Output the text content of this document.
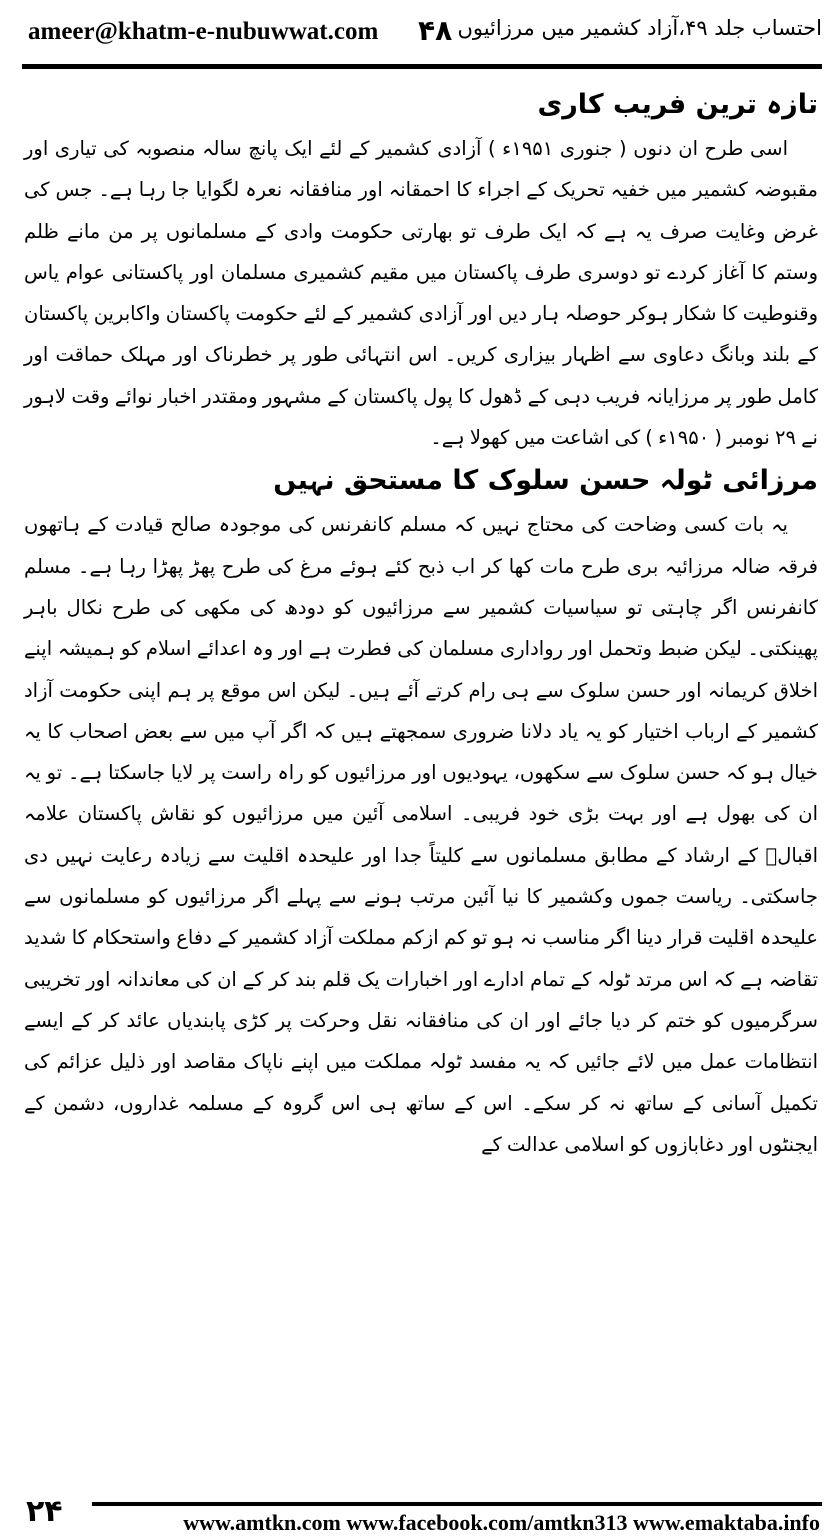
ameer@khatm-e-nubuwwat.com ۴۸ احتساب جلد ۴۹،آزاد کشمیر میں مرزائیوں
تازہ ترین فریب کاری

اسی طرح ان دنوں ( جنوری ۱۹۵۱ء ) آزادی کشمیر کے لئے ایک پانچ سالہ منصوبہ کی تیاری اور مقبوضہ کشمیر میں خفیہ تحریک کے اجراء کا احمقانہ اور منافقانہ نعرہ لگوایا جا رہا ہے۔ جس کی غرض وغایت صرف یہ ہے کہ ایک طرف تو بھارتی حکومت وادی کے مسلمانوں پر من مانے ظلم وستم کا آغاز کردے تو دوسری طرف پاکستان میں مقیم کشمیری مسلمان اور پاکستانی عوام یاس وقنوطیت کا شکار ہوکر حوصلہ ہار دیں اور آزادی کشمیر کے لئے حکومت پاکستان واکابرین پاکستان کے بلند وبانگ دعاوی سے اظہار بیزاری کریں۔ اس انتہائی طور پر خطرناک اور مہلک حماقت اور کامل طور پر مرزایانہ فریب دہی کے ڈھول کا پول پاکستان کے مشہور ومقتدر اخبار نوائے وقت لاہور نے ۲۹ نومبر ( ۱۹۵۰ء ) کی اشاعت میں کھولا ہے۔

مرزائی ٹولہ حسن سلوک کا مستحق نہیں

یہ بات کسی وضاحت کی محتاج نہیں کہ مسلم کانفرنس کی موجودہ صالح قیادت کے ہاتھوں فرقہ ضالہ مرزائیہ بری طرح مات کھا کر اب ذبح کئے ہوئے مرغ کی طرح پھڑ پھڑا رہا ہے۔ مسلم کانفرنس اگر چاہتی تو سیاسیات کشمیر سے مرزائیوں کو دودھ کی مکھی کی طرح نکال باہر پھینکتی۔ لیکن ضبط وتحمل اور رواداری مسلمان کی فطرت ہے اور وہ اعدائے اسلام کو ہمیشہ اپنے اخلاق کریمانہ اور حسن سلوک سے ہی رام کرتے آئے ہیں۔ لیکن اس موقع پر ہم اپنی حکومت آزاد کشمیر کے ارباب اختیار کو یہ یاد دلانا ضروری سمجھتے ہیں کہ اگر آپ میں سے بعض اصحاب کا یہ خیال ہو کہ حسن سلوک سے سکھوں، یہودیوں اور مرزائیوں کو راہ راست پر لایا جاسکتا ہے۔ تو یہ ان کی بھول ہے اور بہت بڑی خود فریبی۔ اسلامی آئین میں مرزائیوں کو نقاش پاکستان علامہ اقبالؒ کے ارشاد کے مطابق مسلمانوں سے کلیتاً جدا اور علیحدہ اقلیت سے زیادہ رعایت نہیں دی جاسکتی۔ ریاست جموں وکشمیر کا نیا آئین مرتب ہونے سے پہلے اگر مرزائیوں کو مسلمانوں سے علیحدہ اقلیت قرار دینا اگر مناسب نہ ہو تو کم ازکم مملکت آزاد کشمیر کے دفاع واستحکام کا شدید تقاضہ ہے کہ اس مرتد ٹولہ کے تمام ادارے اور اخبارات یک قلم بند کر کے ان کی معاندانہ اور تخریبی سرگرمیوں کو ختم کر دیا جائے اور ان کی منافقانہ نقل وحرکت پر کڑی پابندیاں عائد کر کے ایسے انتظامات عمل میں لائے جائیں کہ یہ مفسد ٹولہ مملکت میں اپنے ناپاک مقاصد اور ذلیل عزائم کی تکمیل آسانی کے ساتھ نہ کر سکے۔ اس کے ساتھ ہی اس گروہ کے مسلمہ غداروں، دشمن کے ایجنٹوں اور دغابازوں کو اسلامی عدالت کے

۲۴	www.amtkn.com www.facebook.com/amtkn313 www.emaktaba.info
